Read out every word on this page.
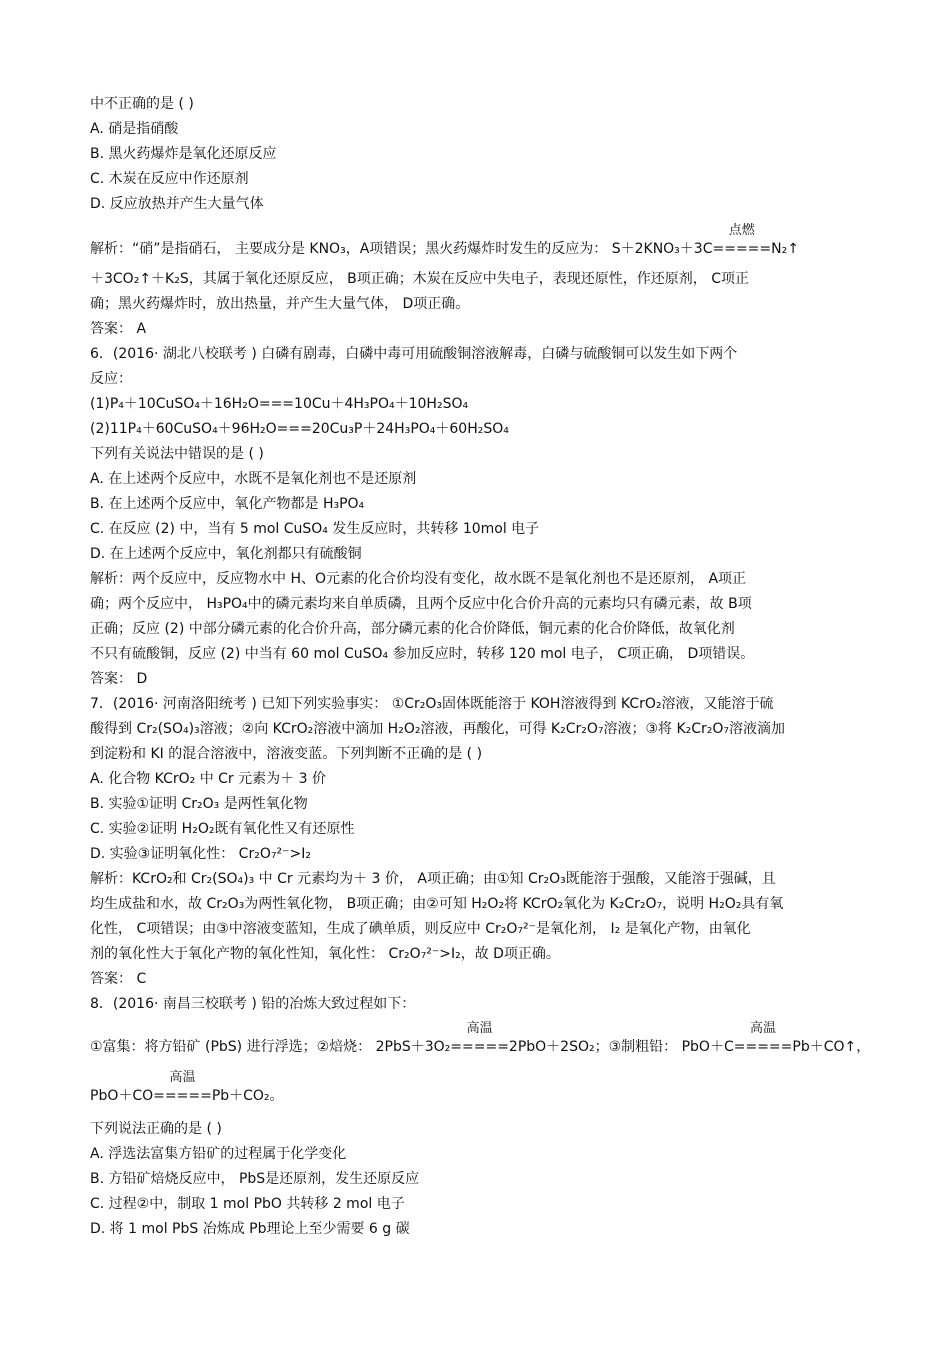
中不正确的是 ( )
A. 硝是指硝酸
B. 黑火药爆炸是氧化还原反应
C. 木炭在反应中作还原剂
D. 反应放热并产生大量气体
解析：“硝”是指硝石， 主要成分是 KNO₃，A项错误；黑火药爆炸时发生的反应为： S＋2KNO₃＋3C
点燃
=====N₂↑
＋3CO₂↑＋K₂S，其属于氧化还原反应， B项正确；木炭在反应中失电子，表现还原性，作还原剂， C项正
确；黑火药爆炸时，放出热量，并产生大量气体， D项正确。
答案： A
6．(2016· 湖北八校联考 ) 白磷有剧毒，白磷中毒可用硫酸铜溶液解毒，白磷与硫酸铜可以发生如下两个
反应：
(1)P₄＋10CuSO₄＋16H₂O===10Cu＋4H₃PO₄＋10H₂SO₄
(2)11P₄＋60CuSO₄＋96H₂O===20Cu₃P＋24H₃PO₄＋60H₂SO₄
下列有关说法中错误的是 ( )
A. 在上述两个反应中，水既不是氧化剂也不是还原剂
B. 在上述两个反应中，氧化产物都是 H₃PO₄
C. 在反应 (2) 中，当有 5 mol CuSO₄ 发生反应时，共转移 10mol 电子
D. 在上述两个反应中，氧化剂都只有硫酸铜
解析：两个反应中，反应物水中 H、O元素的化合价均没有变化，故水既不是氧化剂也不是还原剂， A项正
确；两个反应中， H₃PO₄中的磷元素均来自单质磷，且两个反应中化合价升高的元素均只有磷元素，故 B项
正确；反应 (2) 中部分磷元素的化合价升高，部分磷元素的化合价降低，铜元素的化合价降低，故氧化剂
不只有硫酸铜，反应 (2) 中当有 60 mol CuSO₄ 参加反应时，转移 120 mol 电子， C项正确， D项错误。
答案： D
7．(2016· 河南洛阳统考 ) 已知下列实验事实： ①Cr₂O₃固体既能溶于 KOH溶液得到 KCrO₂溶液，又能溶于硫
酸得到 Cr₂(SO₄)₃溶液；②向 KCrO₂溶液中滴加 H₂O₂溶液，再酸化，可得 K₂Cr₂O₇溶液；③将 K₂Cr₂O₇溶液滴加
到淀粉和 KI 的混合溶液中，溶液变蓝。下列判断不正确的是 ( )
A. 化合物 KCrO₂ 中 Cr 元素为＋ 3 价
B. 实验①证明 Cr₂O₃ 是两性氧化物
C. 实验②证明 H₂O₂既有氧化性又有还原性
D. 实验③证明氧化性： Cr₂O₇²⁻>I₂
解析：KCrO₂和 Cr₂(SO₄)₃ 中 Cr 元素均为＋ 3 价， A项正确；由①知 Cr₂O₃既能溶于强酸，又能溶于强碱，且
均生成盐和水，故 Cr₂O₃为两性氧化物， B项正确；由②可知 H₂O₂将 KCrO₂氧化为 K₂Cr₂O₇，说明 H₂O₂具有氧
化性， C项错误；由③中溶液变蓝知，生成了碘单质，则反应中 Cr₂O₇²⁻是氧化剂， I₂ 是氧化产物，由氧化
剂的氧化性大于氧化产物的氧化性知，氧化性： Cr₂O₇²⁻>I₂，故 D项正确。
答案： C
8．(2016· 南昌三校联考 ) 铅的冶炼大致过程如下：
①富集：将方铅矿 (PbS) 进行浮选；②焙烧： 2PbS＋3O₂
高温
=====2PbO＋2SO₂；③制粗铅： PbO＋C
高温
=====Pb＋CO↑，
PbO＋CO
高温
=====Pb＋CO₂。
下列说法正确的是 ( )
A. 浮选法富集方铅矿的过程属于化学变化
B. 方铅矿焙烧反应中， PbS是还原剂，发生还原反应
C. 过程②中，制取 1 mol PbO 共转移 2 mol 电子
D. 将 1 mol PbS 冶炼成 Pb理论上至少需要 6 g 碳
